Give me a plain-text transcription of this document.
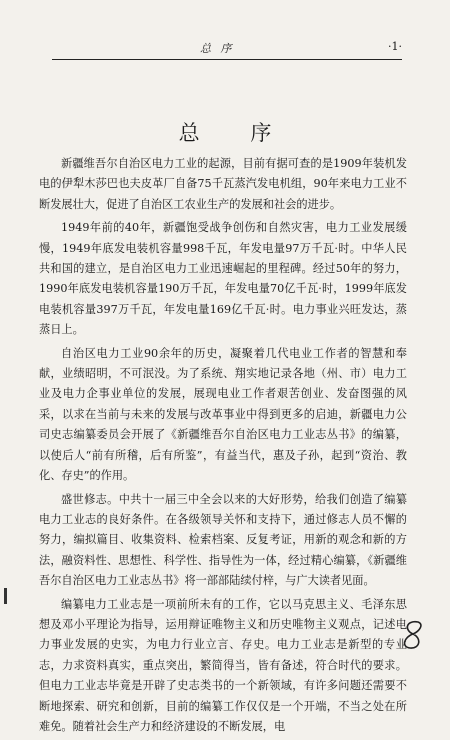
总 序	·1·
总 序

新疆维吾尔自治区电力工业的起源，目前有据可查的是1909年装机发电的伊犁木莎巴也夫皮革厂自备75千瓦蒸汽发电机组，90年来电力工业不断发展壮大，促进了自治区工农业生产的发展和社会的进步。

1949年前的40年，新疆饱受战争创伤和自然灾害，电力工业发展缓慢，1949年底发电装机容量998千瓦，年发电量97万千瓦·时。中华人民共和国的建立，是自治区电力工业迅速崛起的里程碑。经过50年的努力，1990年底发电装机容量190万千瓦，年发电量70亿千瓦·时，1999年底发电装机容量397万千瓦，年发电量169亿千瓦·时。电力事业兴旺发达，蒸蒸日上。

自治区电力工业90余年的历史，凝聚着几代电业工作者的智慧和奉献，业绩昭明，不可泯没。为了系统、翔实地记录各地（州、市）电力工业及电力企事业单位的发展，展现电业工作者艰苦创业、发奋图强的风采，以求在当前与未来的发展与改革事业中得到更多的启迪，新疆电力公司史志编纂委员会开展了《新疆维吾尔自治区电力工业志丛书》的编纂，以使后人“前有所稽，后有所鉴”，有益当代，惠及子孙，起到“资治、教化、存史”的作用。

盛世修志。中共十一届三中全会以来的大好形势，给我们创造了编纂电力工业志的良好条件。在各级领导关怀和支持下，通过修志人员不懈的努力，编拟篇目、收集资料、检索档案、反复考证，用新的观念和新的方法，融资料性、思想性、科学性、指导性为一体，经过精心编纂，《新疆维吾尔自治区电力工业志丛书》将一部部陆续付梓，与广大读者见面。

编纂电力工业志是一项前所未有的工作，它以马克思主义、毛泽东思想及邓小平理论为指导，运用辩证唯物主义和历史唯物主义观点，记述电力事业发展的史实，为电力行业立言、存史。电力工业志是新型的专业志，力求资料真实，重点突出，繁简得当，皆有备述，符合时代的要求。但电力工业志毕竟是开辟了史志类书的一个新领域，有许多问题还需要不断地探索、研究和创新，目前的编纂工作仅仅是一个开端，不当之处在所难免。随着社会生产力和经济建设的不断发展，电
